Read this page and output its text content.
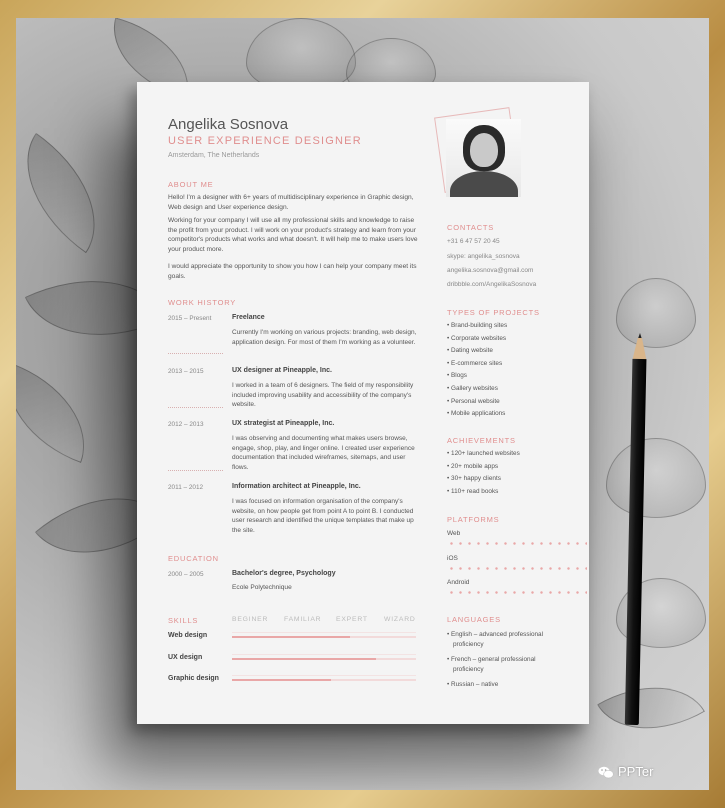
Angelika Sosnova
USER EXPERIENCE DESIGNER
Amsterdam, The Netherlands
ABOUT ME
Hello! I'm a designer with 6+ years of multidisciplinary experience in Graphic design, Web design and User experience design.
Working for your company I will use all my professional skills and knowledge to raise the profit from your product. I will work on your product's strategy and learn from your competitor's products what works and what doesn't. It will help me to make users love your product more.
I would appreciate the opportunity to show you how I can help your company meet its goals.
WORK HISTORY
2015 – Present	Freelance
Currently I'm working on various projects: branding, web design, application design. For most of them I'm working as a volunteer.
2013 – 2015	UX designer at Pineapple, Inc.
I worked in a team of 6 designers. The field of my responsibility included improving usability and accessibility of the company's website.
2012 – 2013	UX strategist at Pineapple, Inc.
I was observing and documenting what makes users browse, engage, shop, play, and linger online. I created user experience documentation that included wireframes, sitemaps, and user flows.
2011 – 2012	Information architect at Pineapple, Inc.
I was focused on information organisation of the company's website, on how people get from point A to point B. I conducted user research and identified the unique templates that make up the site.
EDUCATION
2000 – 2005	Bachelor's degree, Psychology
Ecole Polytechnique
SKILLS	BEGINER FAMILIAR EXPERT WIZARD
Web design
UX design
Graphic design
CONTACTS
+31 6 47 57 20 45
skype: angelika_sosnova
angelika.sosnova@gmail.com
dribbble.com/AngelikaSosnova
TYPES OF PROJECTS
• Brand-building sites
• Corporate websites
• Dating website
• E-commerce sites
• Blogs
• Gallery websites
• Personal website
• Mobile applications
ACHIEVEMENTS
• 120+ launched websites
• 20+ mobile apps
• 30+ happy clients
• 110+ read books
PLATFORMS
Web
iOS
Android
LANGUAGES
• English – advanced professional proficiency
• French – general professional proficiency
• Russian – native
PPTer
